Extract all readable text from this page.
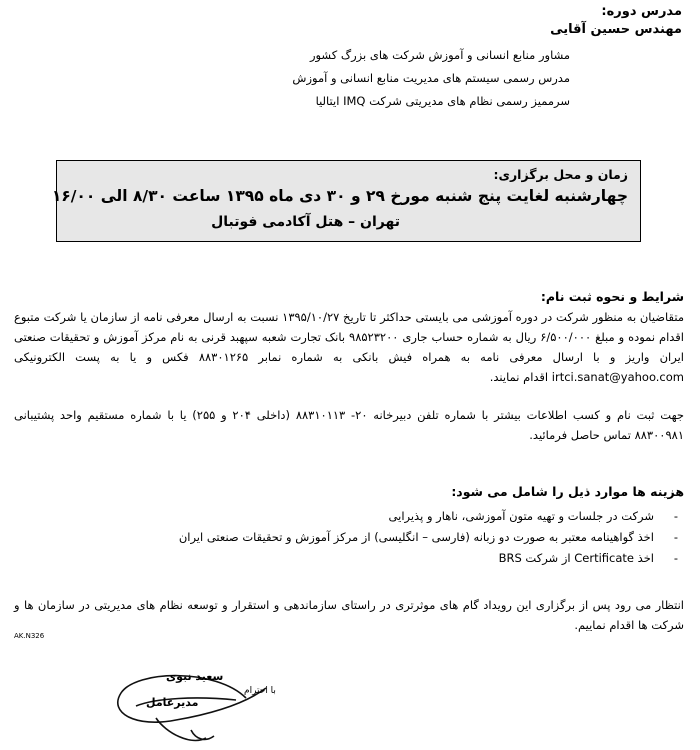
مدرس دوره:
مهندس حسین آقایی
مشاور منابع انسانی و آموزش شرکت های بزرگ کشور
مدرس رسمی سیستم های مدیریت منابع انسانی و آموزش
سرممیز رسمی نظام های مدیریتی شرکت IMQ ایتالیا
زمان و محل برگزاری:
چهارشنبه لغایت پنج شنبه مورخ ۲۹ و ۳۰ دی ماه ۱۳۹۵ ساعت ۸/۳۰ الی ۱۶/۰۰
تهران – هتل آکادمی فوتبال
شرایط و نحوه ثبت نام:
متقاضیان به منظور شرکت در دوره آموزشی می بایستی حداکثر تا تاریخ ۱۳۹۵/۱۰/۲۷ نسبت به ارسال معرفی نامه از سازمان یا شرکت متبوع اقدام نموده و مبلغ ۶/۵۰۰/۰۰۰ ریال به شماره حساب جاری ۹۸۵۲۳۲۰۰ بانک تجارت شعبه سپهبد قرنی به نام مرکز آموزش و تحقیقات صنعتی ایران واریز و با ارسال معرفی نامه به همراه فیش بانکی به شماره نمابر ۸۸۳۰۱۲۶۵ فکس و یا به پست الکترونیکی irtci.sanat@yahoo.com اقدام نمایند.
جهت ثبت نام و کسب اطلاعات بیشتر با شماره تلفن دبیرخانه ۲۰- ۸۸۳۱۰۱۱۳ (داخلی ۲۰۴ و ۲۵۵) یا با شماره مستقیم واحد پشتیبانی ۸۸۳۰۰۹۸۱ تماس حاصل فرمائید.
هزینه ها موارد ذیل را شامل می شود:
-شرکت در جلسات و تهیه متون آموزشی، ناهار و پذیرایی
-اخذ گواهینامه معتبر به صورت دو زبانه (فارسی – انگلیسی) از مرکز آموزش و تحقیقات صنعتی ایران
-اخذ Certificate از شرکت BRS
انتظار می رود پس از برگزاری این رویداد گام های موثرتری در راستای سازماندهی و استقرار و توسعه نظام های مدیریتی در سازمان ها و شرکت ها اقدام نماییم.
AK.N326
با احترام
سعید نبوی
مدیرعامل
